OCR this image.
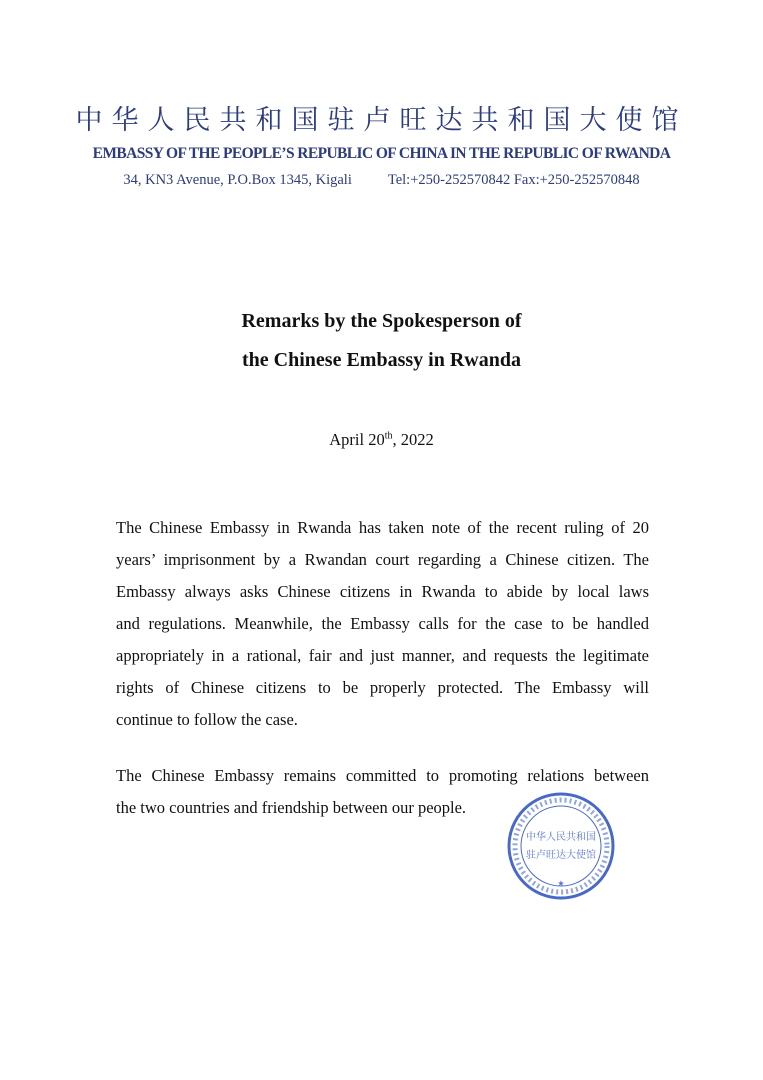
中华人民共和国驻卢旺达共和国大使馆
EMBASSY OF THE PEOPLE’S REPUBLIC OF CHINA IN THE REPUBLIC OF RWANDA
34, KN3 Avenue, P.O.Box 1345, Kigali Tel:+250-252570842 Fax:+250-252570848
Remarks by the Spokesperson of
the Chinese Embassy in Rwanda
April 20th, 2022
The Chinese Embassy in Rwanda has taken note of the recent ruling of 20
years’ imprisonment by a Rwandan court regarding a Chinese citizen. The
Embassy always asks Chinese citizens in Rwanda to abide by local laws
and regulations. Meanwhile, the Embassy calls for the case to be handled
appropriately in a rational, fair and just manner, and requests the legitimate
rights of Chinese citizens to be properly protected. The Embassy will
continue to follow the case.
The Chinese Embassy remains committed to promoting relations between
the two countries and friendship between our people.
中华人民共和国
驻卢旺达大使馆
★
